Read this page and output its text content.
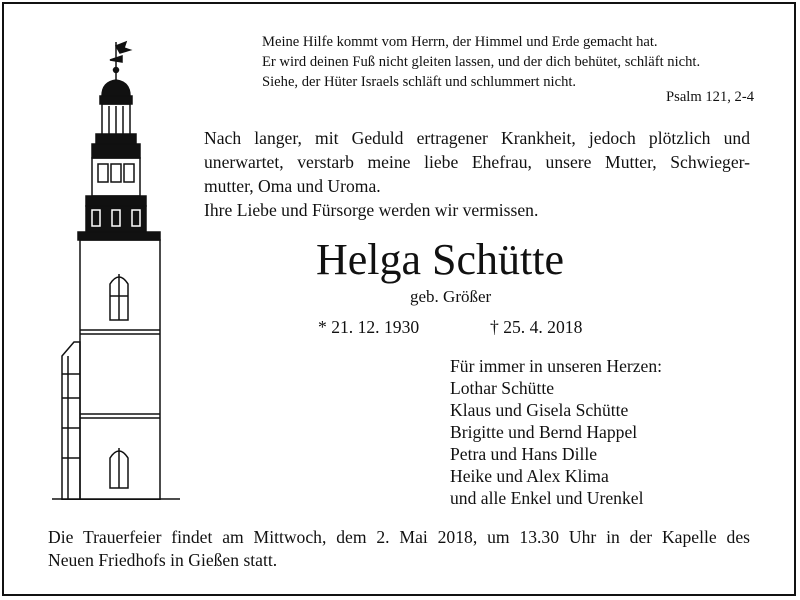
Meine Hilfe kommt vom Herrn, der Himmel und Erde gemacht hat.
Er wird deinen Fuß nicht gleiten lassen, und der dich behütet, schläft nicht.
Siehe, der Hüter Israels schläft und schlummert nicht.
Psalm 121, 2-4
Nach langer, mit Geduld ertragener Krankheit, jedoch plötzlich und
unerwartet, verstarb meine liebe Ehefrau, unsere Mutter, Schwieger-
mutter, Oma und Uroma.
Ihre Liebe und Fürsorge werden wir vermissen.
Helga Schütte
geb. Größer
* 21. 12. 1930	† 25. 4. 2018
Für immer in unseren Herzen:
Lothar Schütte
Klaus und Gisela Schütte
Brigitte und Bernd Happel
Petra und Hans Dille
Heike und Alex Klima
und alle Enkel und Urenkel
Die Trauerfeier findet am Mittwoch, dem 2. Mai 2018, um 13.30 Uhr in der Kapelle des
Neuen Friedhofs in Gießen statt.
